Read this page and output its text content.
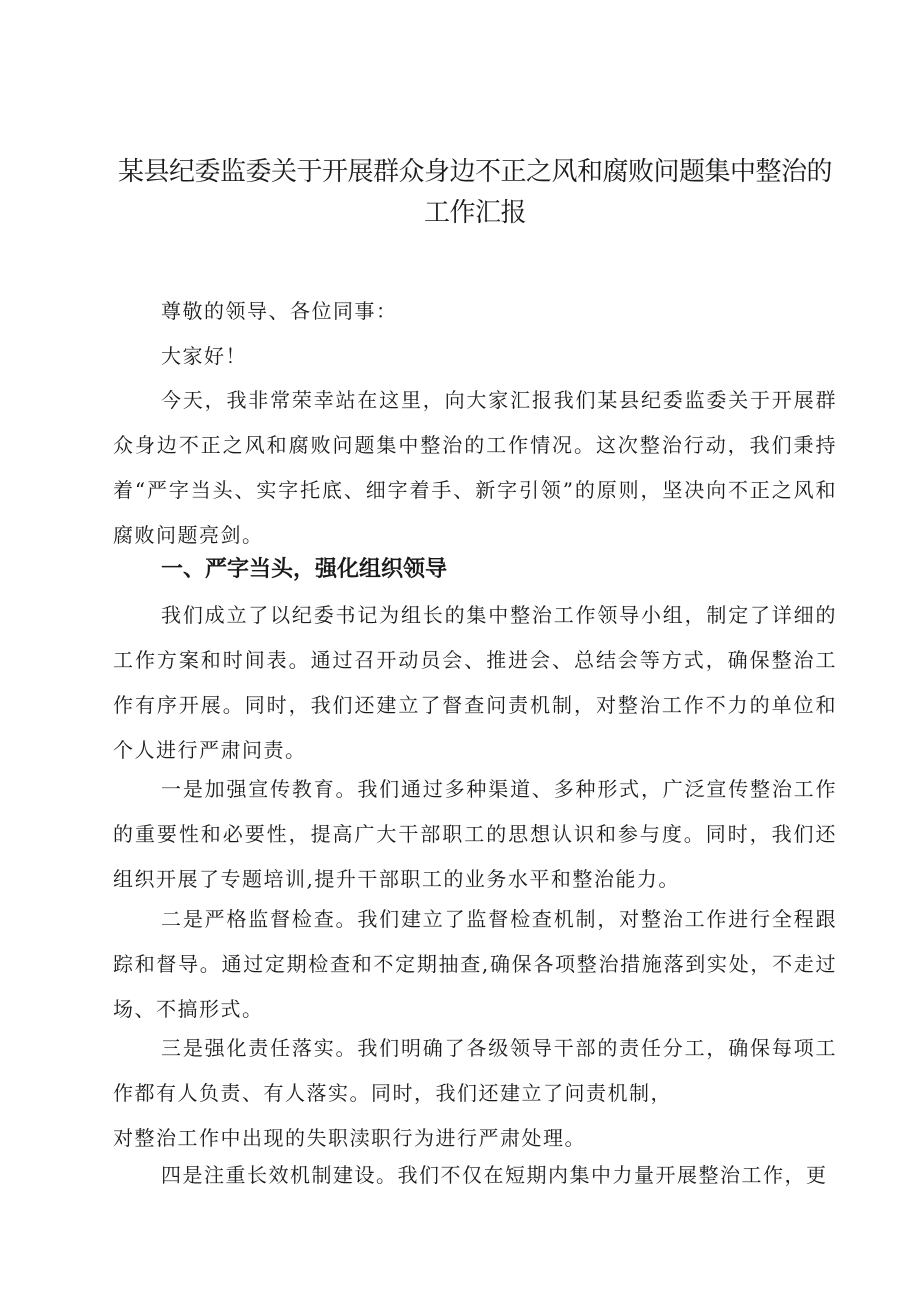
某县纪委监委关于开展群众身边不正之风和腐败问题集中整治的工作汇报

尊敬的领导、各位同事：

大家好！

今天，我非常荣幸站在这里，向大家汇报我们某县纪委监委关于开展群众身边不正之风和腐败问题集中整治的工作情况。这次整治行动，我们秉持着“严字当头、实字托底、细字着手、新字引领”的原则，坚决向不正之风和腐败问题亮剑。

一、严字当头，强化组织领导

我们成立了以纪委书记为组长的集中整治工作领导小组，制定了详细的工作方案和时间表。通过召开动员会、推进会、总结会等方式，确保整治工作有序开展。同时，我们还建立了督查问责机制，对整治工作不力的单位和个人进行严肃问责。

一是加强宣传教育。我们通过多种渠道、多种形式，广泛宣传整治工作的重要性和必要性，提高广大干部职工的思想认识和参与度。同时，我们还组织开展了专题培训,提升干部职工的业务水平和整治能力。

二是严格监督检查。我们建立了监督检查机制，对整治工作进行全程跟踪和督导。通过定期检查和不定期抽查,确保各项整治措施落到实处，不走过场、不搞形式。

三是强化责任落实。我们明确了各级领导干部的责任分工，确保每项工作都有人负责、有人落实。同时，我们还建立了问责机制，
对整治工作中出现的失职渎职行为进行严肃处理。

四是注重长效机制建设。我们不仅在短期内集中力量开展整治工作，更
